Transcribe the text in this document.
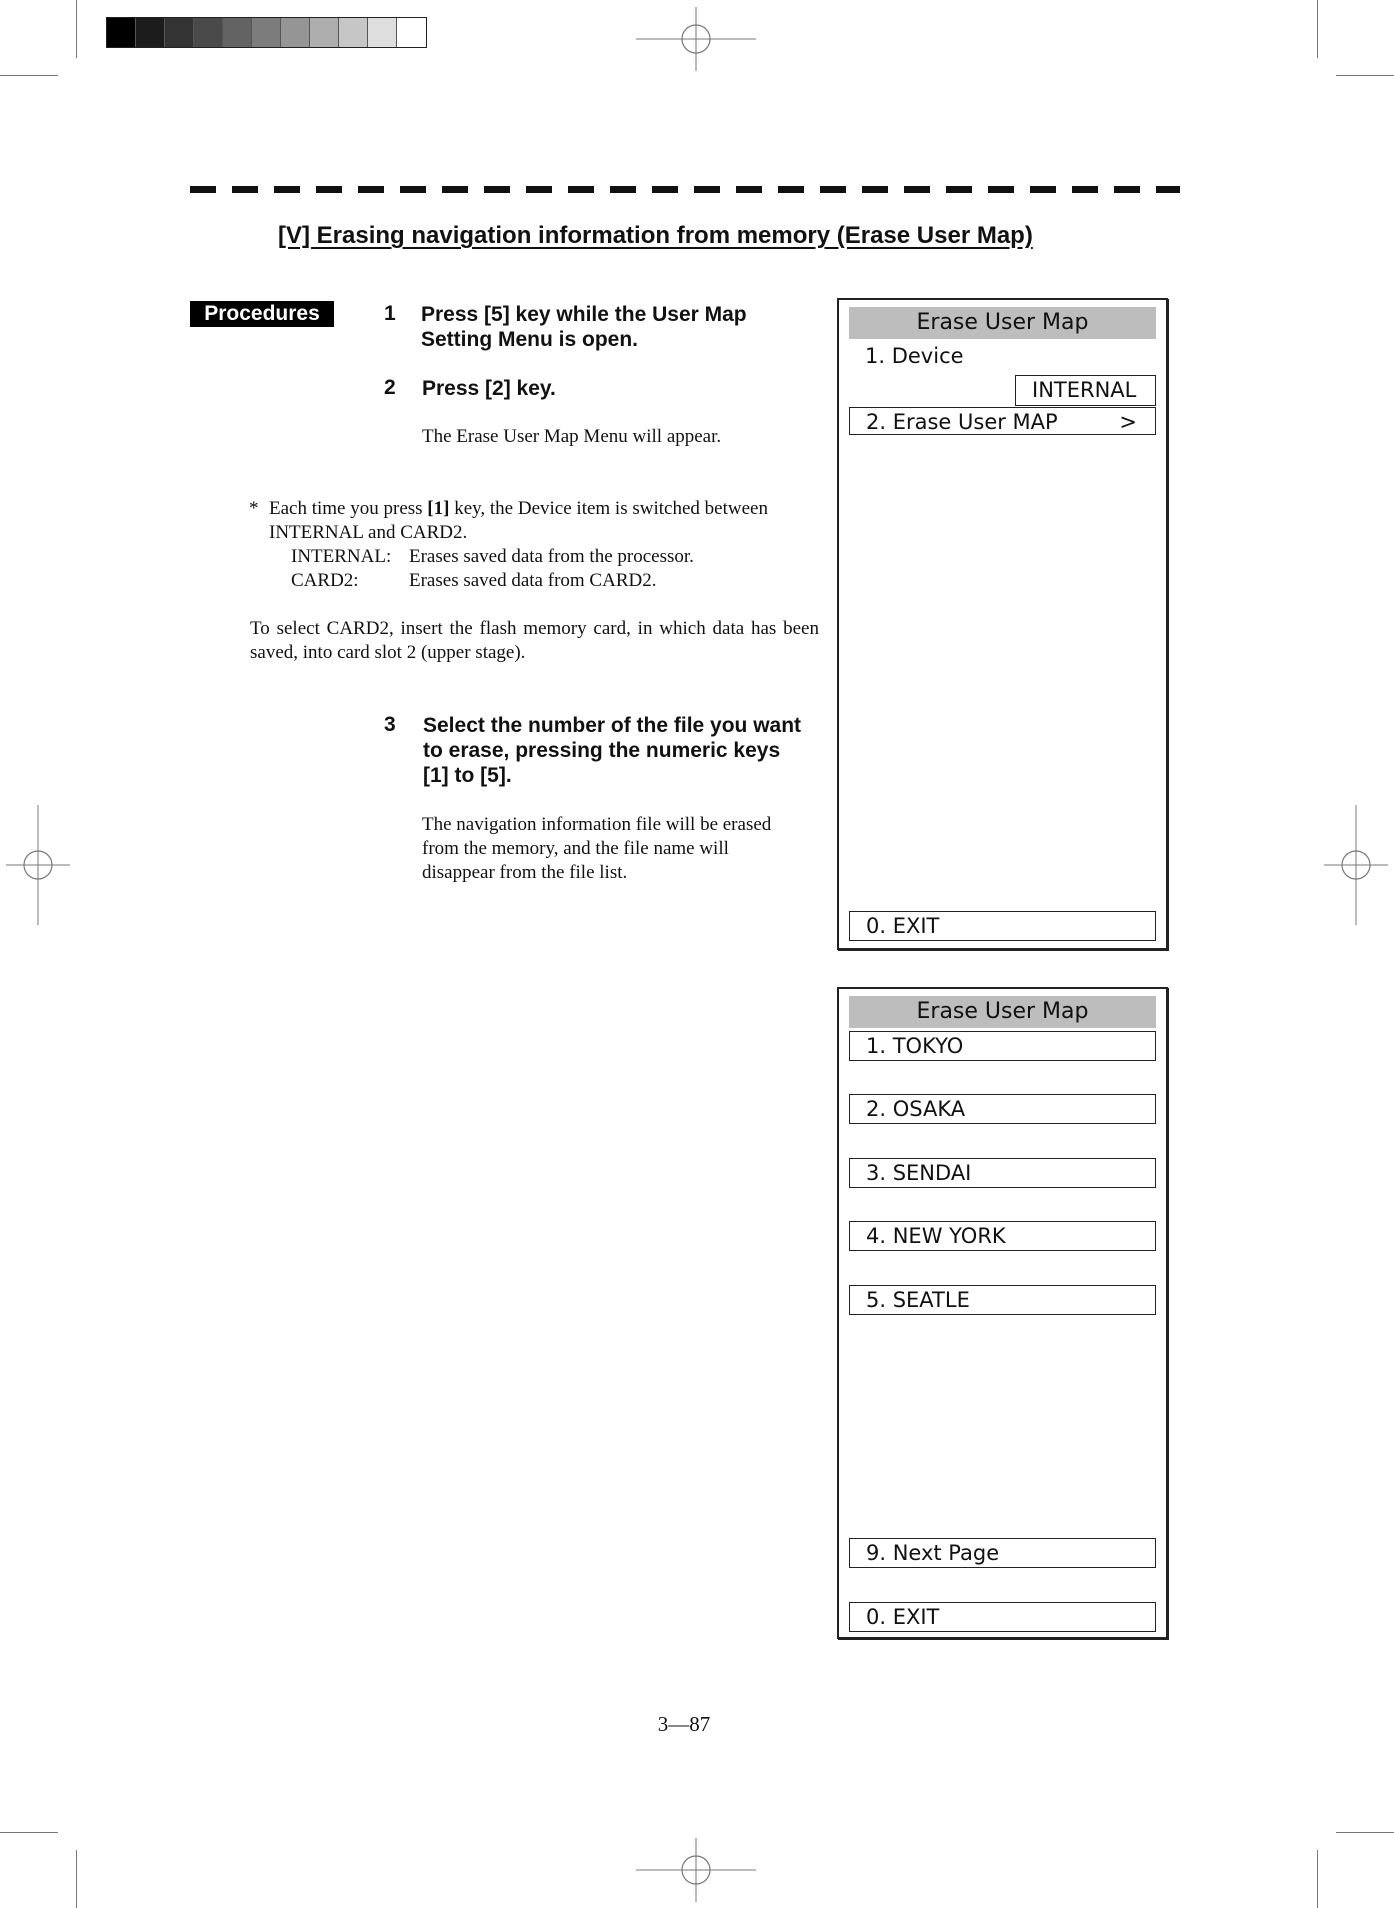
[V] Erasing navigation information from memory (Erase User Map)
Procedures	1 Press [5] key while the User Map
Setting Menu is open.
2 Press [2] key.
The Erase User Map Menu will appear.
* Each time you press [1] key, the Device item is switched between
INTERNAL and CARD2.
INTERNAL: Erases saved data from the processor.
CARD2:	Erases saved data from CARD2.
To select CARD2, insert the flash memory card, in which data has been saved, into card slot 2 (upper stage).
3 Select the number of the file you want
to erase, pressing the numeric keys
[1] to [5].
The navigation information file will be erased
from the memory, and the file name will
disappear from the file list.
Erase User Map
1. Device
INTERNAL
2. Erase User MAP	>
0. EXIT
Erase User Map
1. TOKYO
2. OSAKA
3. SENDAI
4. NEW YORK
5. SEATLE
9. Next Page
0. EXIT
3—87
